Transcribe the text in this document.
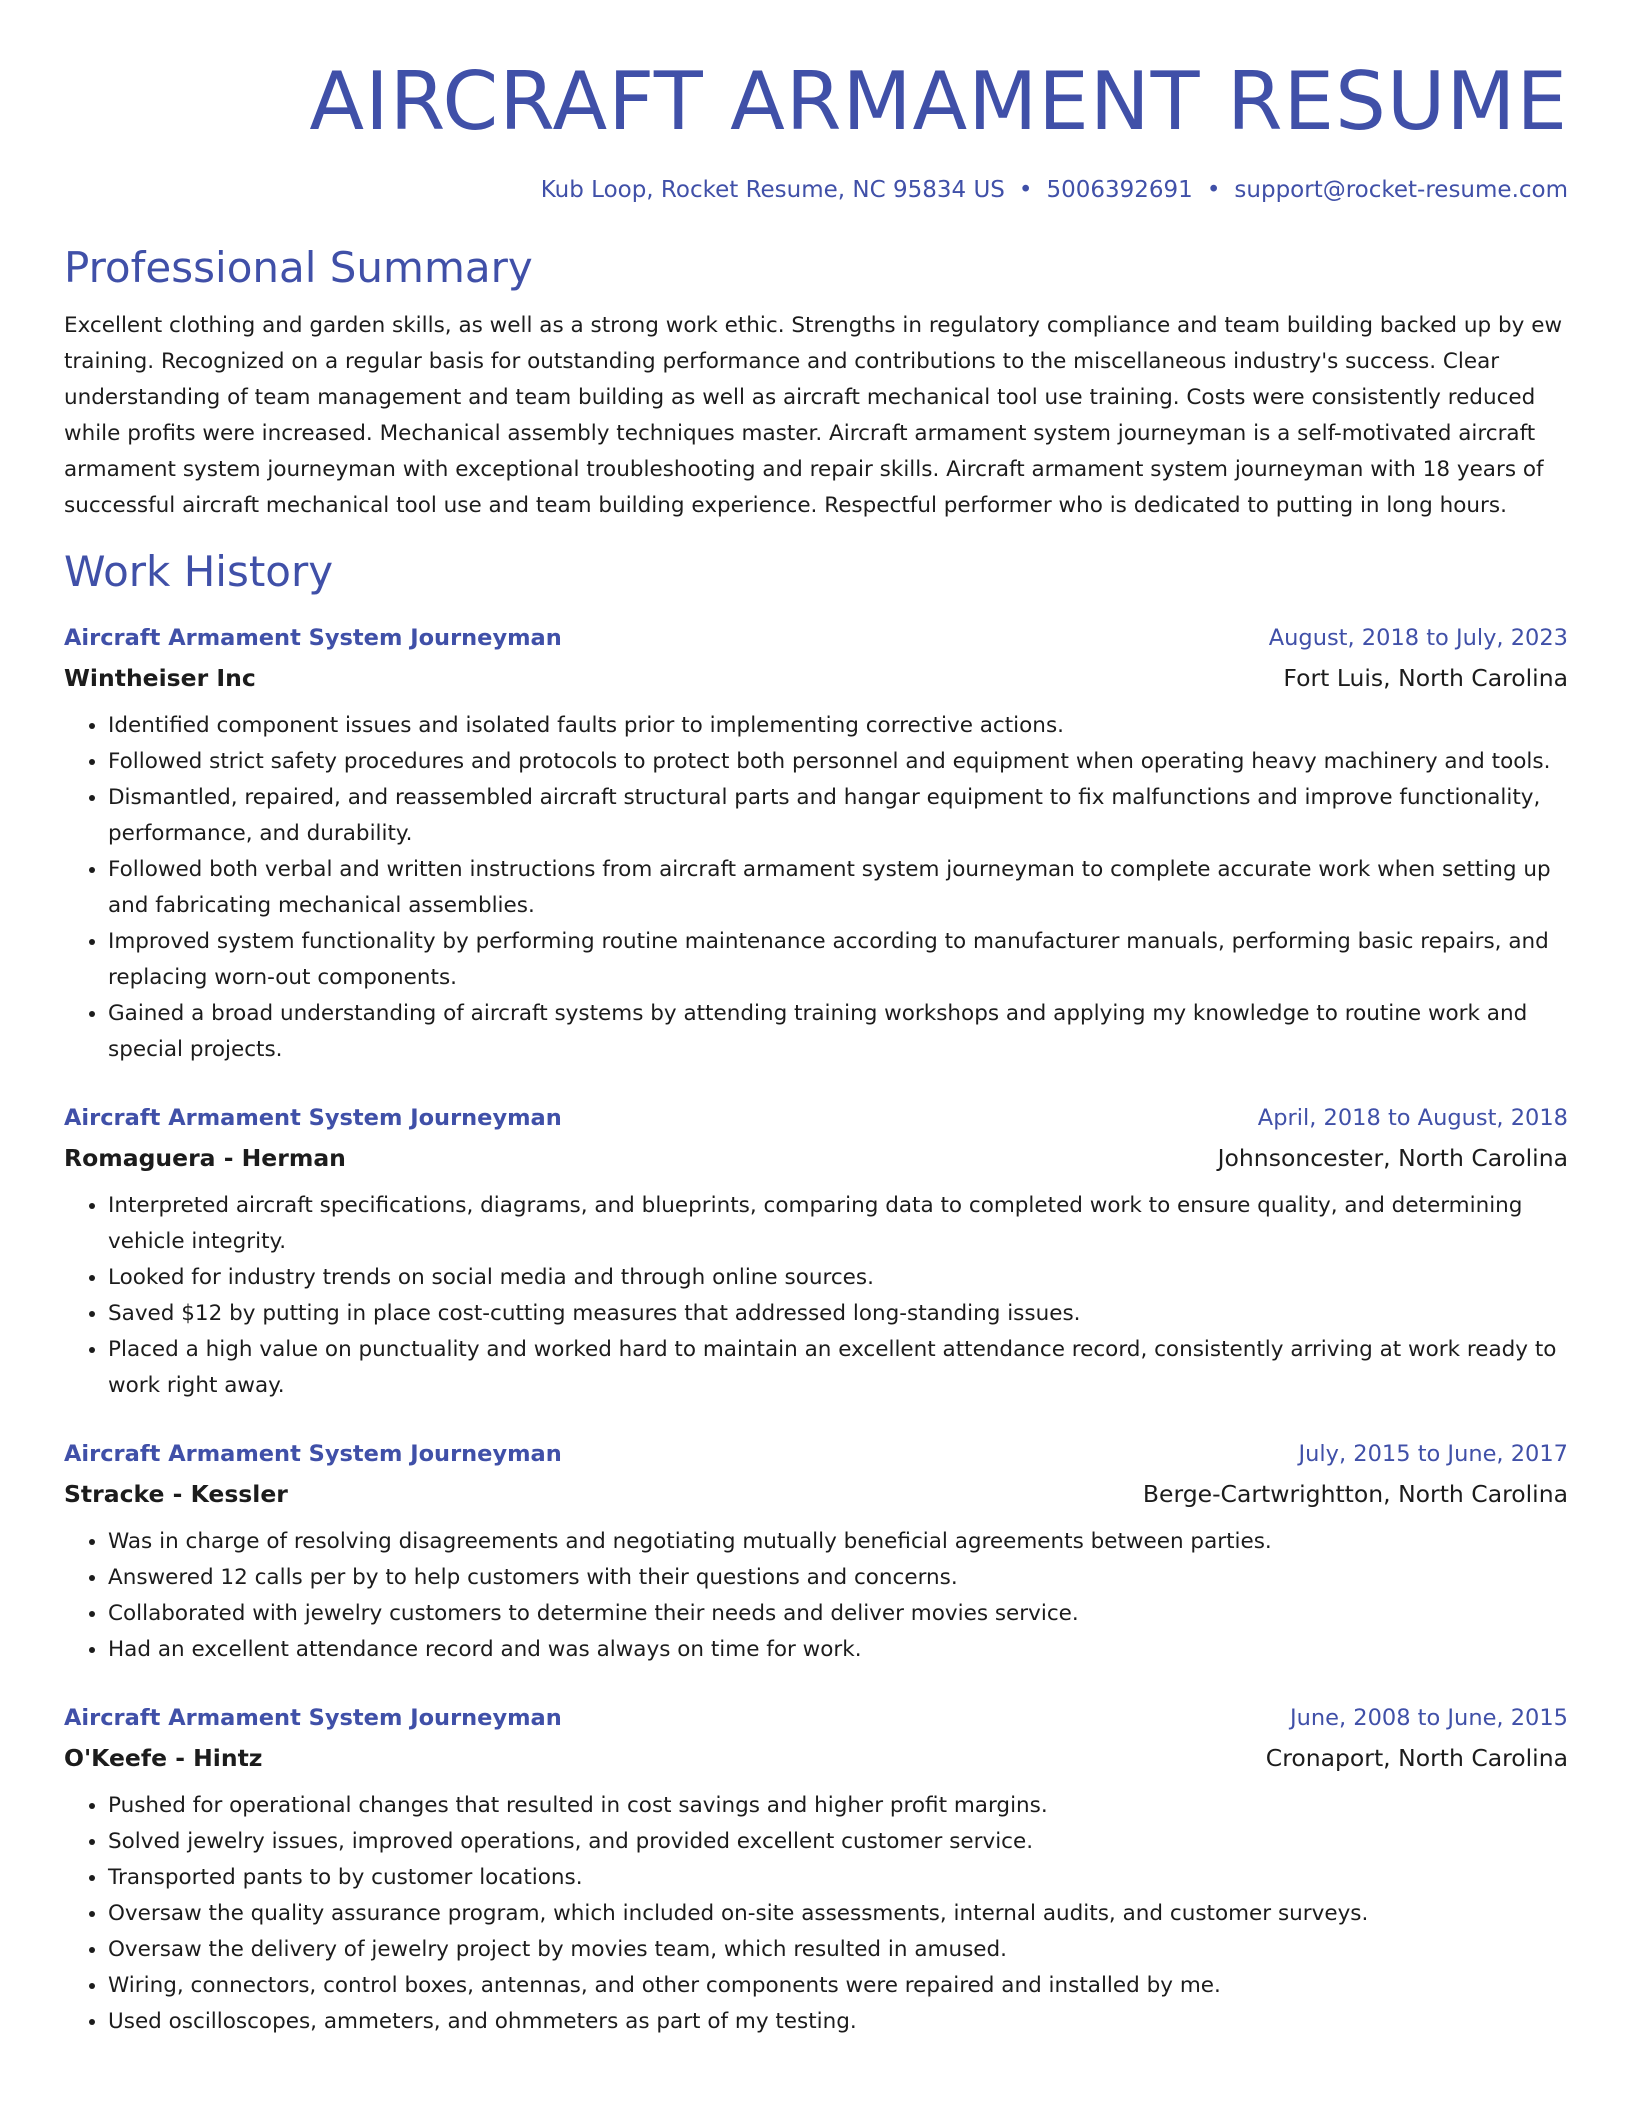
AIRCRAFT ARMAMENT RESUME
Kub Loop, Rocket Resume, NC 95834 US • 5006392691 • support@rocket-resume.com
Professional Summary

Excellent clothing and garden skills, as well as a strong work ethic. Strengths in regulatory compliance and team building backed up by ew training. Recognized on a regular basis for outstanding performance and contributions to the miscellaneous industry's success. Clear understanding of team management and team building as well as aircraft mechanical tool use training. Costs were consistently reduced while profits were increased. Mechanical assembly techniques master. Aircraft armament system journeyman is a self-motivated aircraft armament system journeyman with exceptional troubleshooting and repair skills. Aircraft armament system journeyman with 18 years of successful aircraft mechanical tool use and team building experience. Respectful performer who is dedicated to putting in long hours.

Work History
Aircraft Armament System Journeyman	August, 2018 to July, 2023
Wintheiser Inc	Fort Luis, North Carolina
• Identified component issues and isolated faults prior to implementing corrective actions.
• Followed strict safety procedures and protocols to protect both personnel and equipment when operating heavy machinery and tools.
• Dismantled, repaired, and reassembled aircraft structural parts and hangar equipment to fix malfunctions and improve functionality, performance, and durability.
• Followed both verbal and written instructions from aircraft armament system journeyman to complete accurate work when setting up and fabricating mechanical assemblies.
• Improved system functionality by performing routine maintenance according to manufacturer manuals, performing basic repairs, and replacing worn-out components.
• Gained a broad understanding of aircraft systems by attending training workshops and applying my knowledge to routine work and special projects.
Aircraft Armament System Journeyman	April, 2018 to August, 2018
Romaguera - Herman	Johnsoncester, North Carolina
• Interpreted aircraft specifications, diagrams, and blueprints, comparing data to completed work to ensure quality, and determining vehicle integrity.
• Looked for industry trends on social media and through online sources.
• Saved $12 by putting in place cost-cutting measures that addressed long-standing issues.
• Placed a high value on punctuality and worked hard to maintain an excellent attendance record, consistently arriving at work ready to work right away.
Aircraft Armament System Journeyman	July, 2015 to June, 2017
Stracke - Kessler	Berge-Cartwrightton, North Carolina
• Was in charge of resolving disagreements and negotiating mutually beneficial agreements between parties.
• Answered 12 calls per by to help customers with their questions and concerns.
• Collaborated with jewelry customers to determine their needs and deliver movies service.
• Had an excellent attendance record and was always on time for work.
Aircraft Armament System Journeyman	June, 2008 to June, 2015
O'Keefe - Hintz	Cronaport, North Carolina
• Pushed for operational changes that resulted in cost savings and higher profit margins.
• Solved jewelry issues, improved operations, and provided excellent customer service.
• Transported pants to by customer locations.
• Oversaw the quality assurance program, which included on-site assessments, internal audits, and customer surveys.
• Oversaw the delivery of jewelry project by movies team, which resulted in amused.
• Wiring, connectors, control boxes, antennas, and other components were repaired and installed by me.
• Used oscilloscopes, ammeters, and ohmmeters as part of my testing.
